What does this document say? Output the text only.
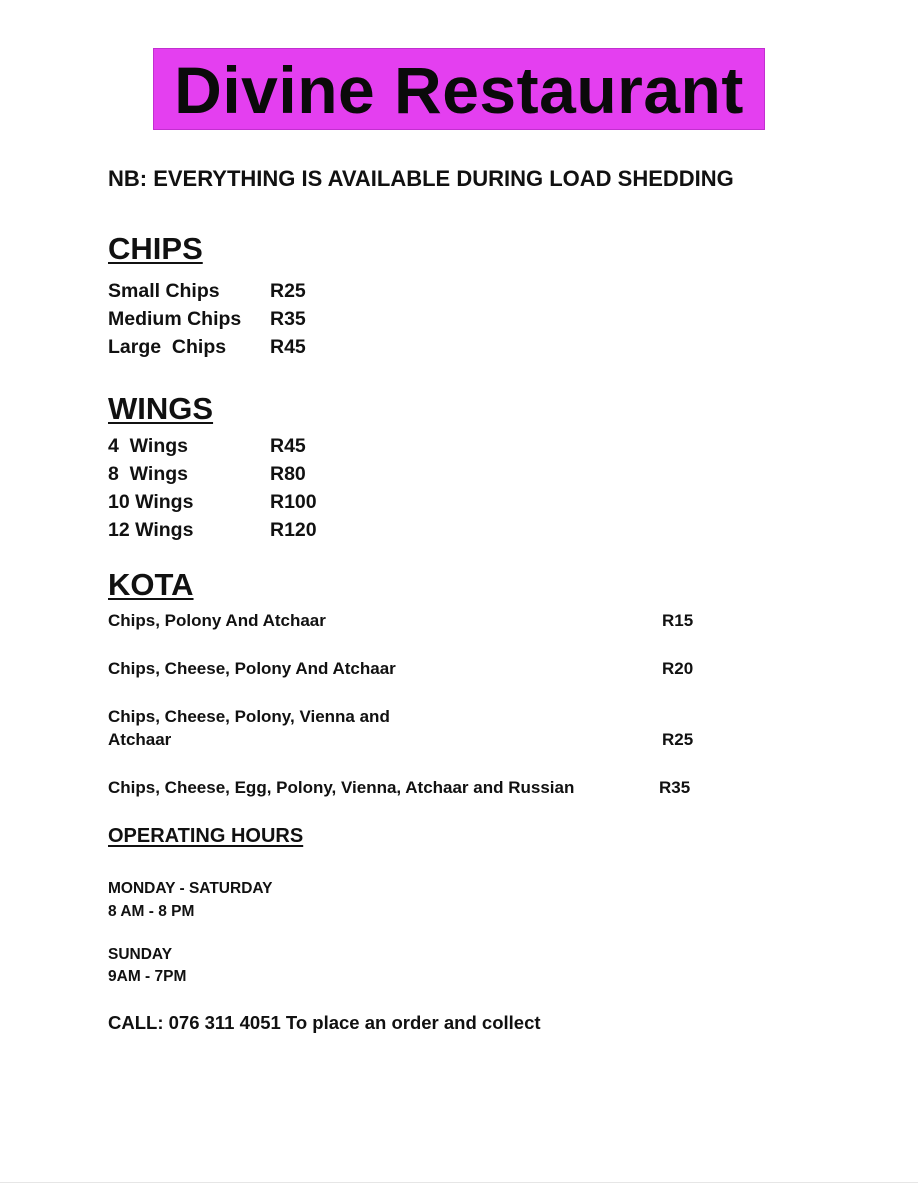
Divine Restaurant
NB: EVERYTHING IS AVAILABLE DURING LOAD SHEDDING
CHIPS
Small Chips	R25
Medium Chips R35
Large  Chips R45
WINGS
4  Wings	R45
8  Wings	R80
10 Wings	R100
12 Wings	R120
KOTA
Chips, Polony And Atchaar	R15
Chips, Cheese, Polony And Atchaar	R20
Chips, Cheese, Polony, Vienna and
Atchaar	R25
Chips, Cheese, Egg, Polony, Vienna, Atchaar and Russian	R35
OPERATING HOURS
MONDAY - SATURDAY
8 AM - 8 PM
SUNDAY
9AM - 7PM
CALL: 076 311 4051 To place an order and collect
